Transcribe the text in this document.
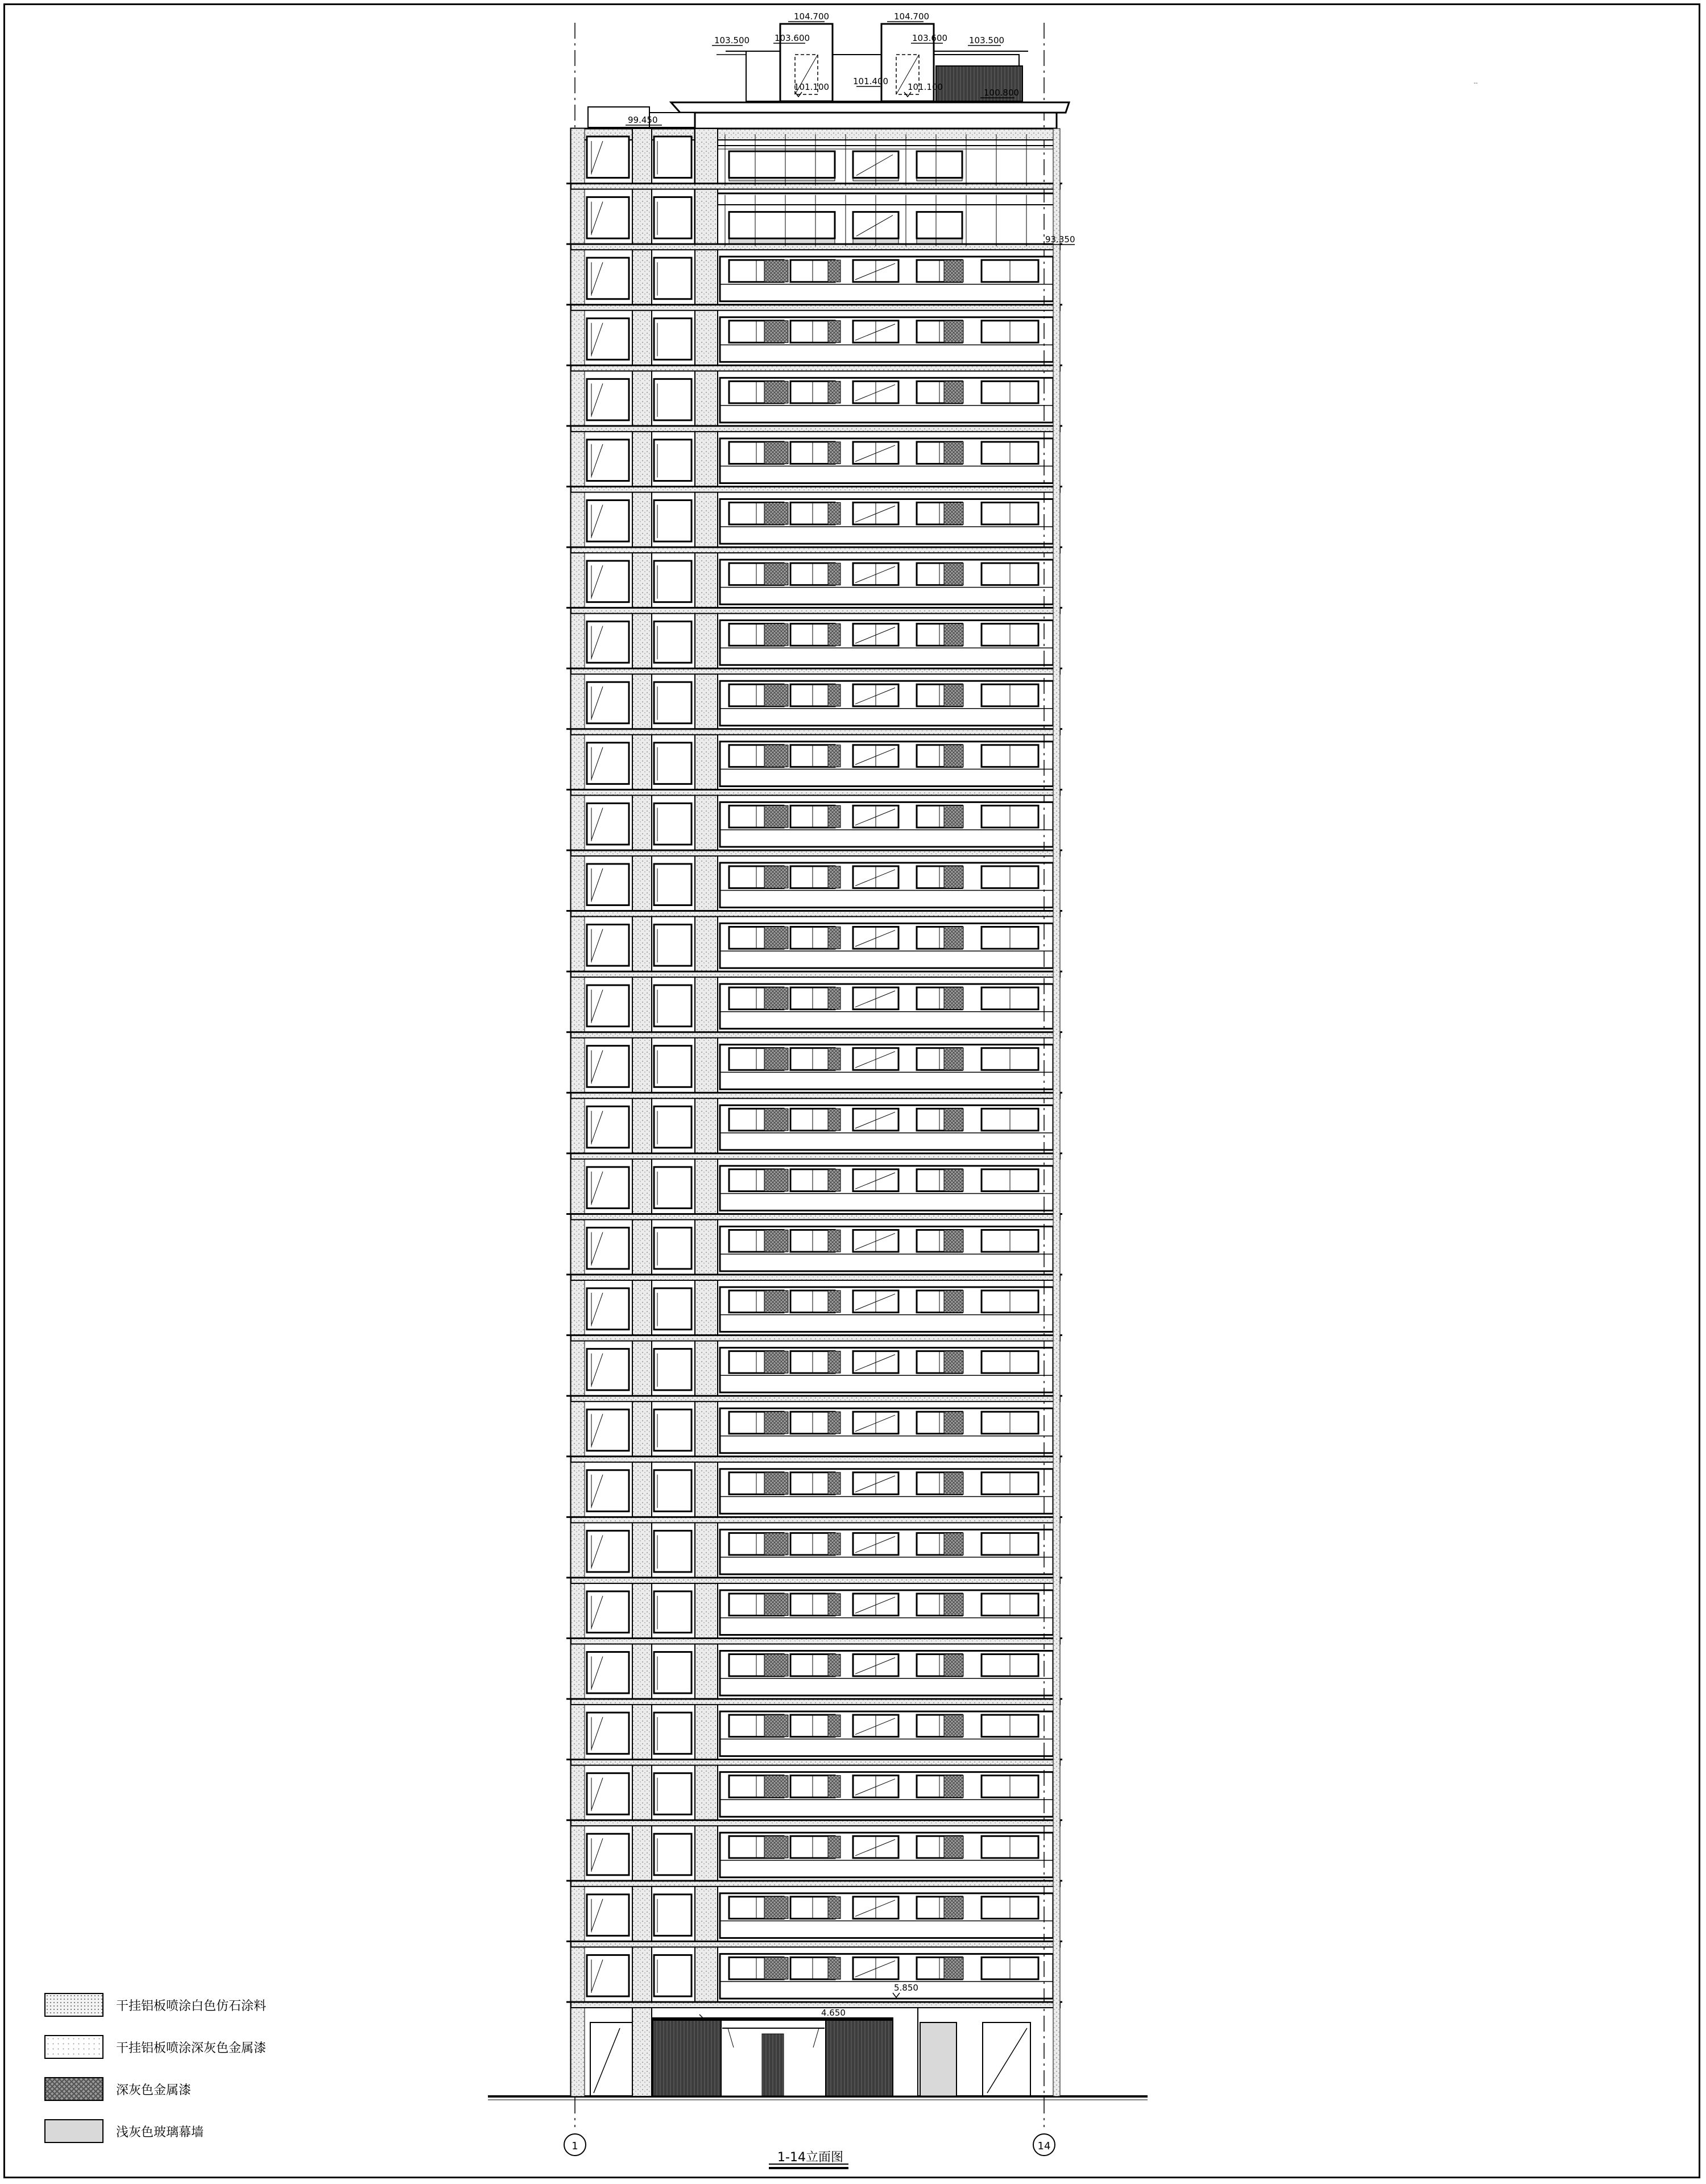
1	14
104.700	104.700
103.500	103.600	103.600	103.500
101.100
101.400
101.100
100.800
99.450
93.350
5.850
4.650
干挂铝板喷涂白色仿石涂料
干挂铝板喷涂深灰色金属漆
深灰色金属漆
浅灰色玻璃幕墙
1-14立面图
--
